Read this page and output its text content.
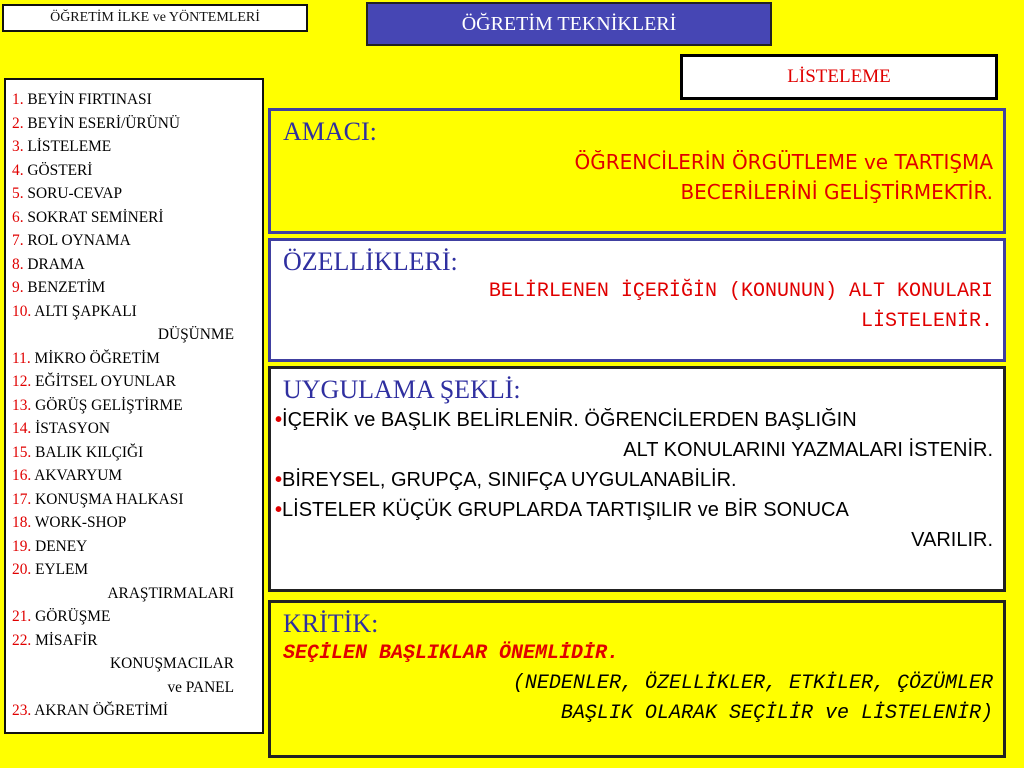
ÖĞRETİM İLKE ve YÖNTEMLERİ	ÖĞRETİM TEKNİKLERİ
LİSTELEME
1. BEYİN FIRTINASI
2. BEYİN ESERİ/ÜRÜNÜ
3. LİSTELEME
4. GÖSTERİ
5. SORU-CEVAP
6. SOKRAT SEMİNERİ
7. ROL OYNAMA
8. DRAMA
9. BENZETİM
10. ALTI ŞAPKALI
DÜŞÜNME
11. MİKRO ÖĞRETİM
12. EĞİTSEL OYUNLAR
13. GÖRÜŞ GELİŞTİRME
14. İSTASYON
15. BALIK KILÇIĞI
16. AKVARYUM
17. KONUŞMA HALKASI
18. WORK-SHOP
19. DENEY
20. EYLEM
ARAŞTIRMALARI
21. GÖRÜŞME
22. MİSAFİR
KONUŞMACILAR
ve PANEL
23. AKRAN ÖĞRETİMİ
AMACI:
ÖĞRENCİLERİN ÖRGÜTLEME ve TARTIŞMA
BECERİLERİNİ GELİŞTİRMEKTİR.
ÖZELLİKLERİ:
BELİRLENEN İÇERİĞİN (KONUNUN) ALT KONULARI
LİSTELENİR.
UYGULAMA ŞEKLİ:
•İÇERİK ve BAŞLIK BELİRLENİR. ÖĞRENCİLERDEN BAŞLIĞIN
ALT KONULARINI YAZMALARI İSTENİR.
•BİREYSEL, GRUPÇA, SINIFÇA UYGULANABİLİR.
•LİSTELER KÜÇÜK GRUPLARDA TARTIŞILIR ve BİR SONUCA
VARILIR.
KRİTİK:
SEÇİLEN BAŞLIKLAR ÖNEMLİDİR.
(NEDENLER, ÖZELLİKLER, ETKİLER, ÇÖZÜMLER
BAŞLIK OLARAK SEÇİLİR ve LİSTELENİR)
